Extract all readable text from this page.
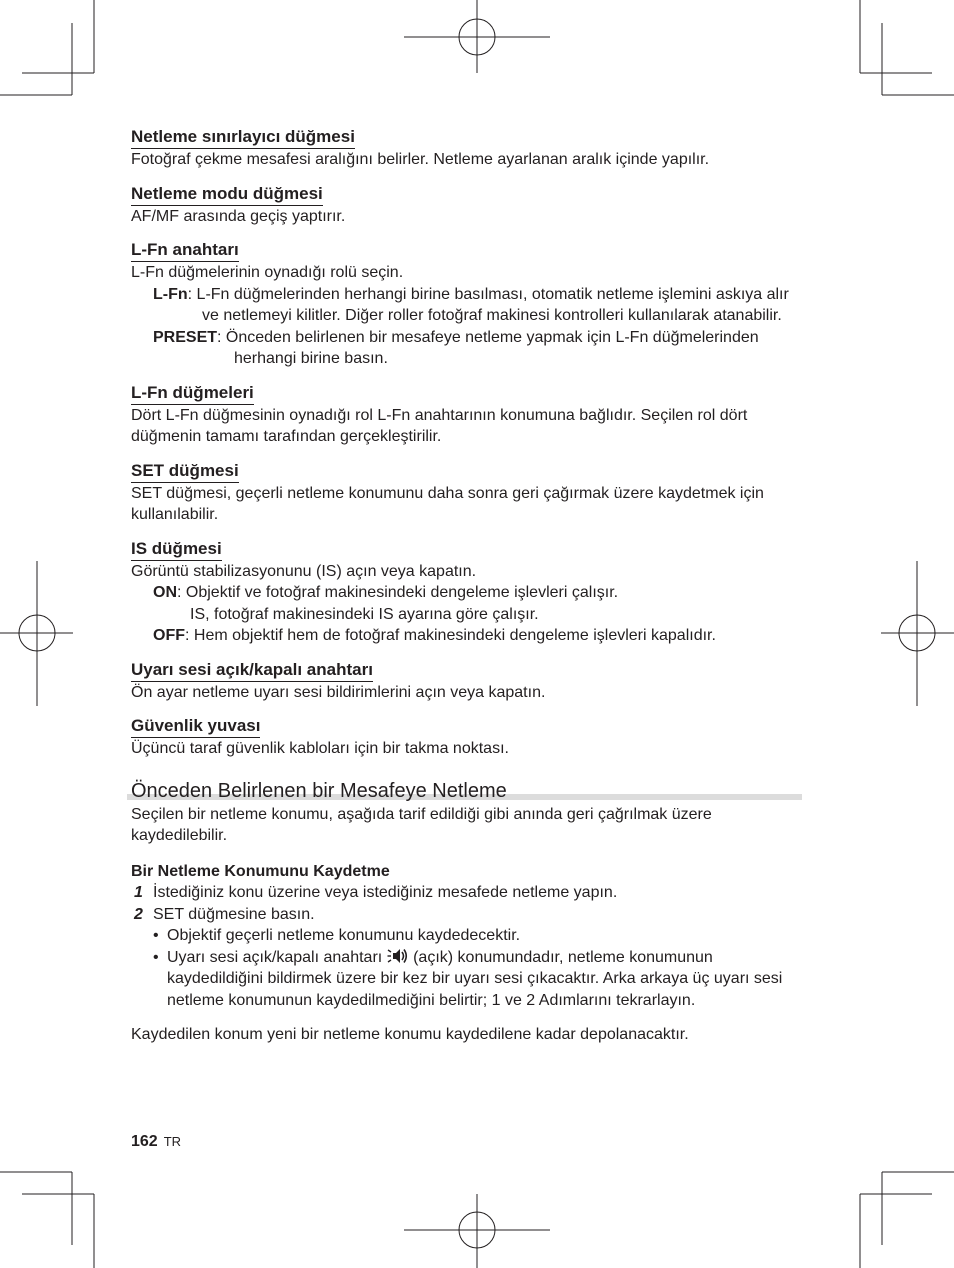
Netleme sınırlayıcı düğmesi

Fotoğraf çekme mesafesi aralığını belirler. Netleme ayarlanan aralık içinde yapılır.

Netleme modu düğmesi

AF/MF arasında geçiş yaptırır.

L-Fn anahtarı

L-Fn düğmelerinin oynadığı rolü seçin.

L-Fn: L-Fn düğmelerinden herhangi birine basılması, otomatik netleme işlemini askıya alır ve netlemeyi kilitler. Diğer roller fotoğraf makinesi kontrolleri kullanılarak atanabilir.
PRESET: Önceden belirlenen bir mesafeye netleme yapmak için L-Fn düğmelerinden herhangi birine basın.
L-Fn düğmeleri

Dört L-Fn düğmesinin oynadığı rol L-Fn anahtarının konumuna bağlıdır. Seçilen rol dört düğmenin tamamı tarafından gerçekleştirilir.

SET düğmesi

SET düğmesi, geçerli netleme konumunu daha sonra geri çağırmak üzere kaydetmek için kullanılabilir.

IS düğmesi

Görüntü stabilizasyonunu (IS) açın veya kapatın.

ON: Objektif ve fotoğraf makinesindeki dengeleme işlevleri çalışır.
IS, fotoğraf makinesindeki IS ayarına göre çalışır.
OFF: Hem objektif hem de fotoğraf makinesindeki dengeleme işlevleri kapalıdır.
Uyarı sesi açık/kapalı anahtarı

Ön ayar netleme uyarı sesi bildirimlerini açın veya kapatın.

Güvenlik yuvası

Üçüncü taraf güvenlik kabloları için bir takma noktası.

Önceden Belirlenen bir Mesafeye Netleme

Seçilen bir netleme konumu, aşağıda tarif edildiği gibi anında geri çağrılmak üzere kaydedilebilir.

Bir Netleme Konumunu Kaydetme
1 İstediğiniz konu üzerine veya istediğiniz mesafede netleme yapın.
2 SET düğmesine basın.
• Objektif geçerli netleme konumunu kaydedecektir.
• Uyarı sesi açık/kapalı anahtarı  (açık) konumundadır, netleme konumunun kaydedildiğini bildirmek üzere bir kez bir uyarı sesi çıkacaktır. Arka arkaya üç uyarı sesi netleme konumunun kaydedilmediğini belirtir; 1 ve 2 Adımlarını tekrarlayın.

Kaydedilen konum yeni bir netleme konumu kaydedilene kadar depolanacaktır.

162 TR
